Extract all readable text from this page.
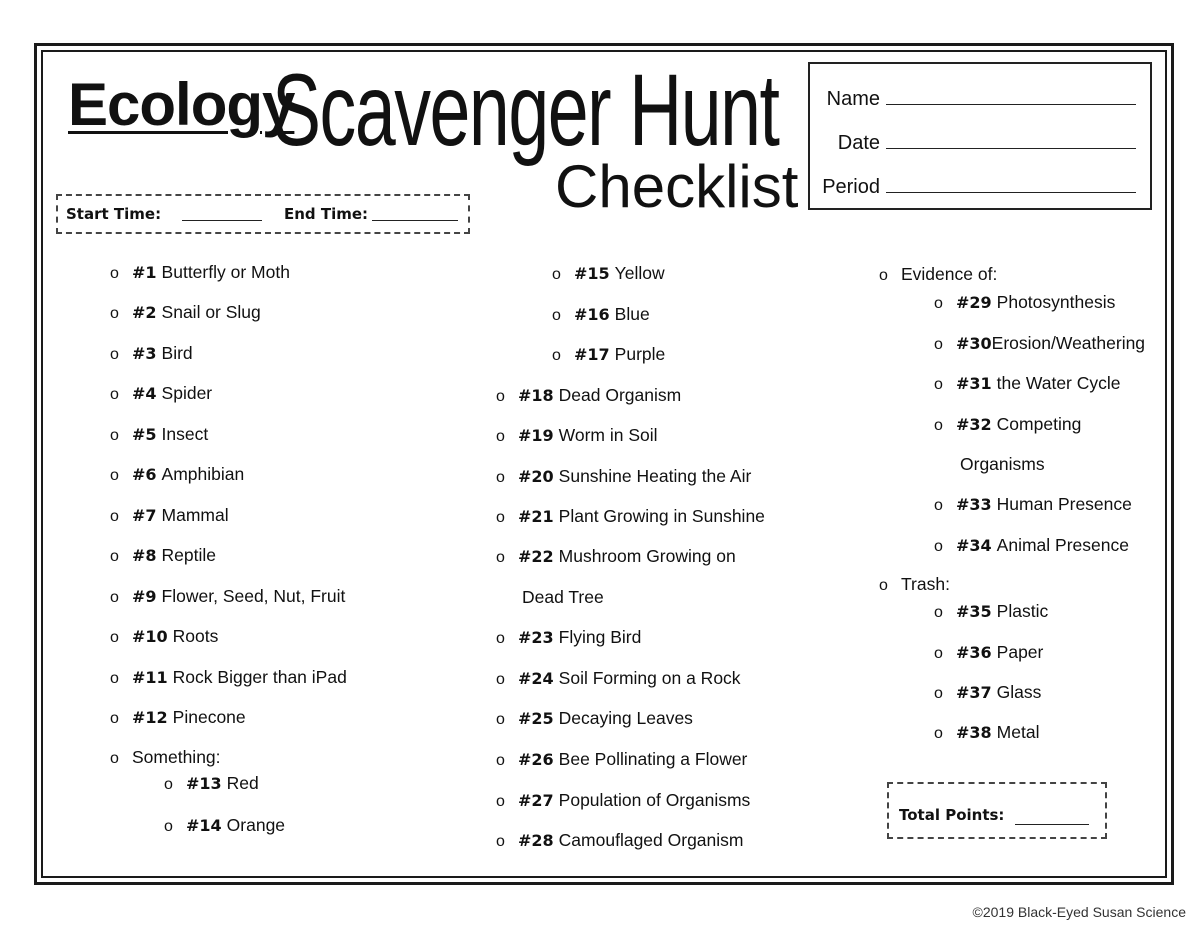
Ecology
Scavenger Hunt
Checklist
Name
Date
Period
Start Time:	End Time:
o #1 Butterfly or Moth
o #2 Snail or Slug
o #3 Bird
o #4 Spider
o #5 Insect
o #6 Amphibian
o #7 Mammal
o #8 Reptile
o #9 Flower, Seed, Nut, Fruit
o #10 Roots
o #11 Rock Bigger than iPad
o #12 Pinecone
o Something:
o #13 Red
o #14 Orange
o #15 Yellow
o #16 Blue
o #17 Purple
o #18 Dead Organism
o #19 Worm in Soil
o #20 Sunshine Heating the Air
o #21 Plant Growing in Sunshine
o #22 Mushroom Growing on
Dead Tree
o #23 Flying Bird
o #24 Soil Forming on a Rock
o #25 Decaying Leaves
o #26 Bee Pollinating a Flower
o #27 Population of Organisms
o #28 Camouflaged Organism
o Evidence of:
o #29 Photosynthesis
o #30Erosion/Weathering
o #31 the Water Cycle
o #32 Competing
Organisms
o #33 Human Presence
o #34 Animal Presence
o Trash:
o #35 Plastic
o #36 Paper
o #37 Glass
o #38 Metal
Total Points:
©2019 Black-Eyed Susan Science
